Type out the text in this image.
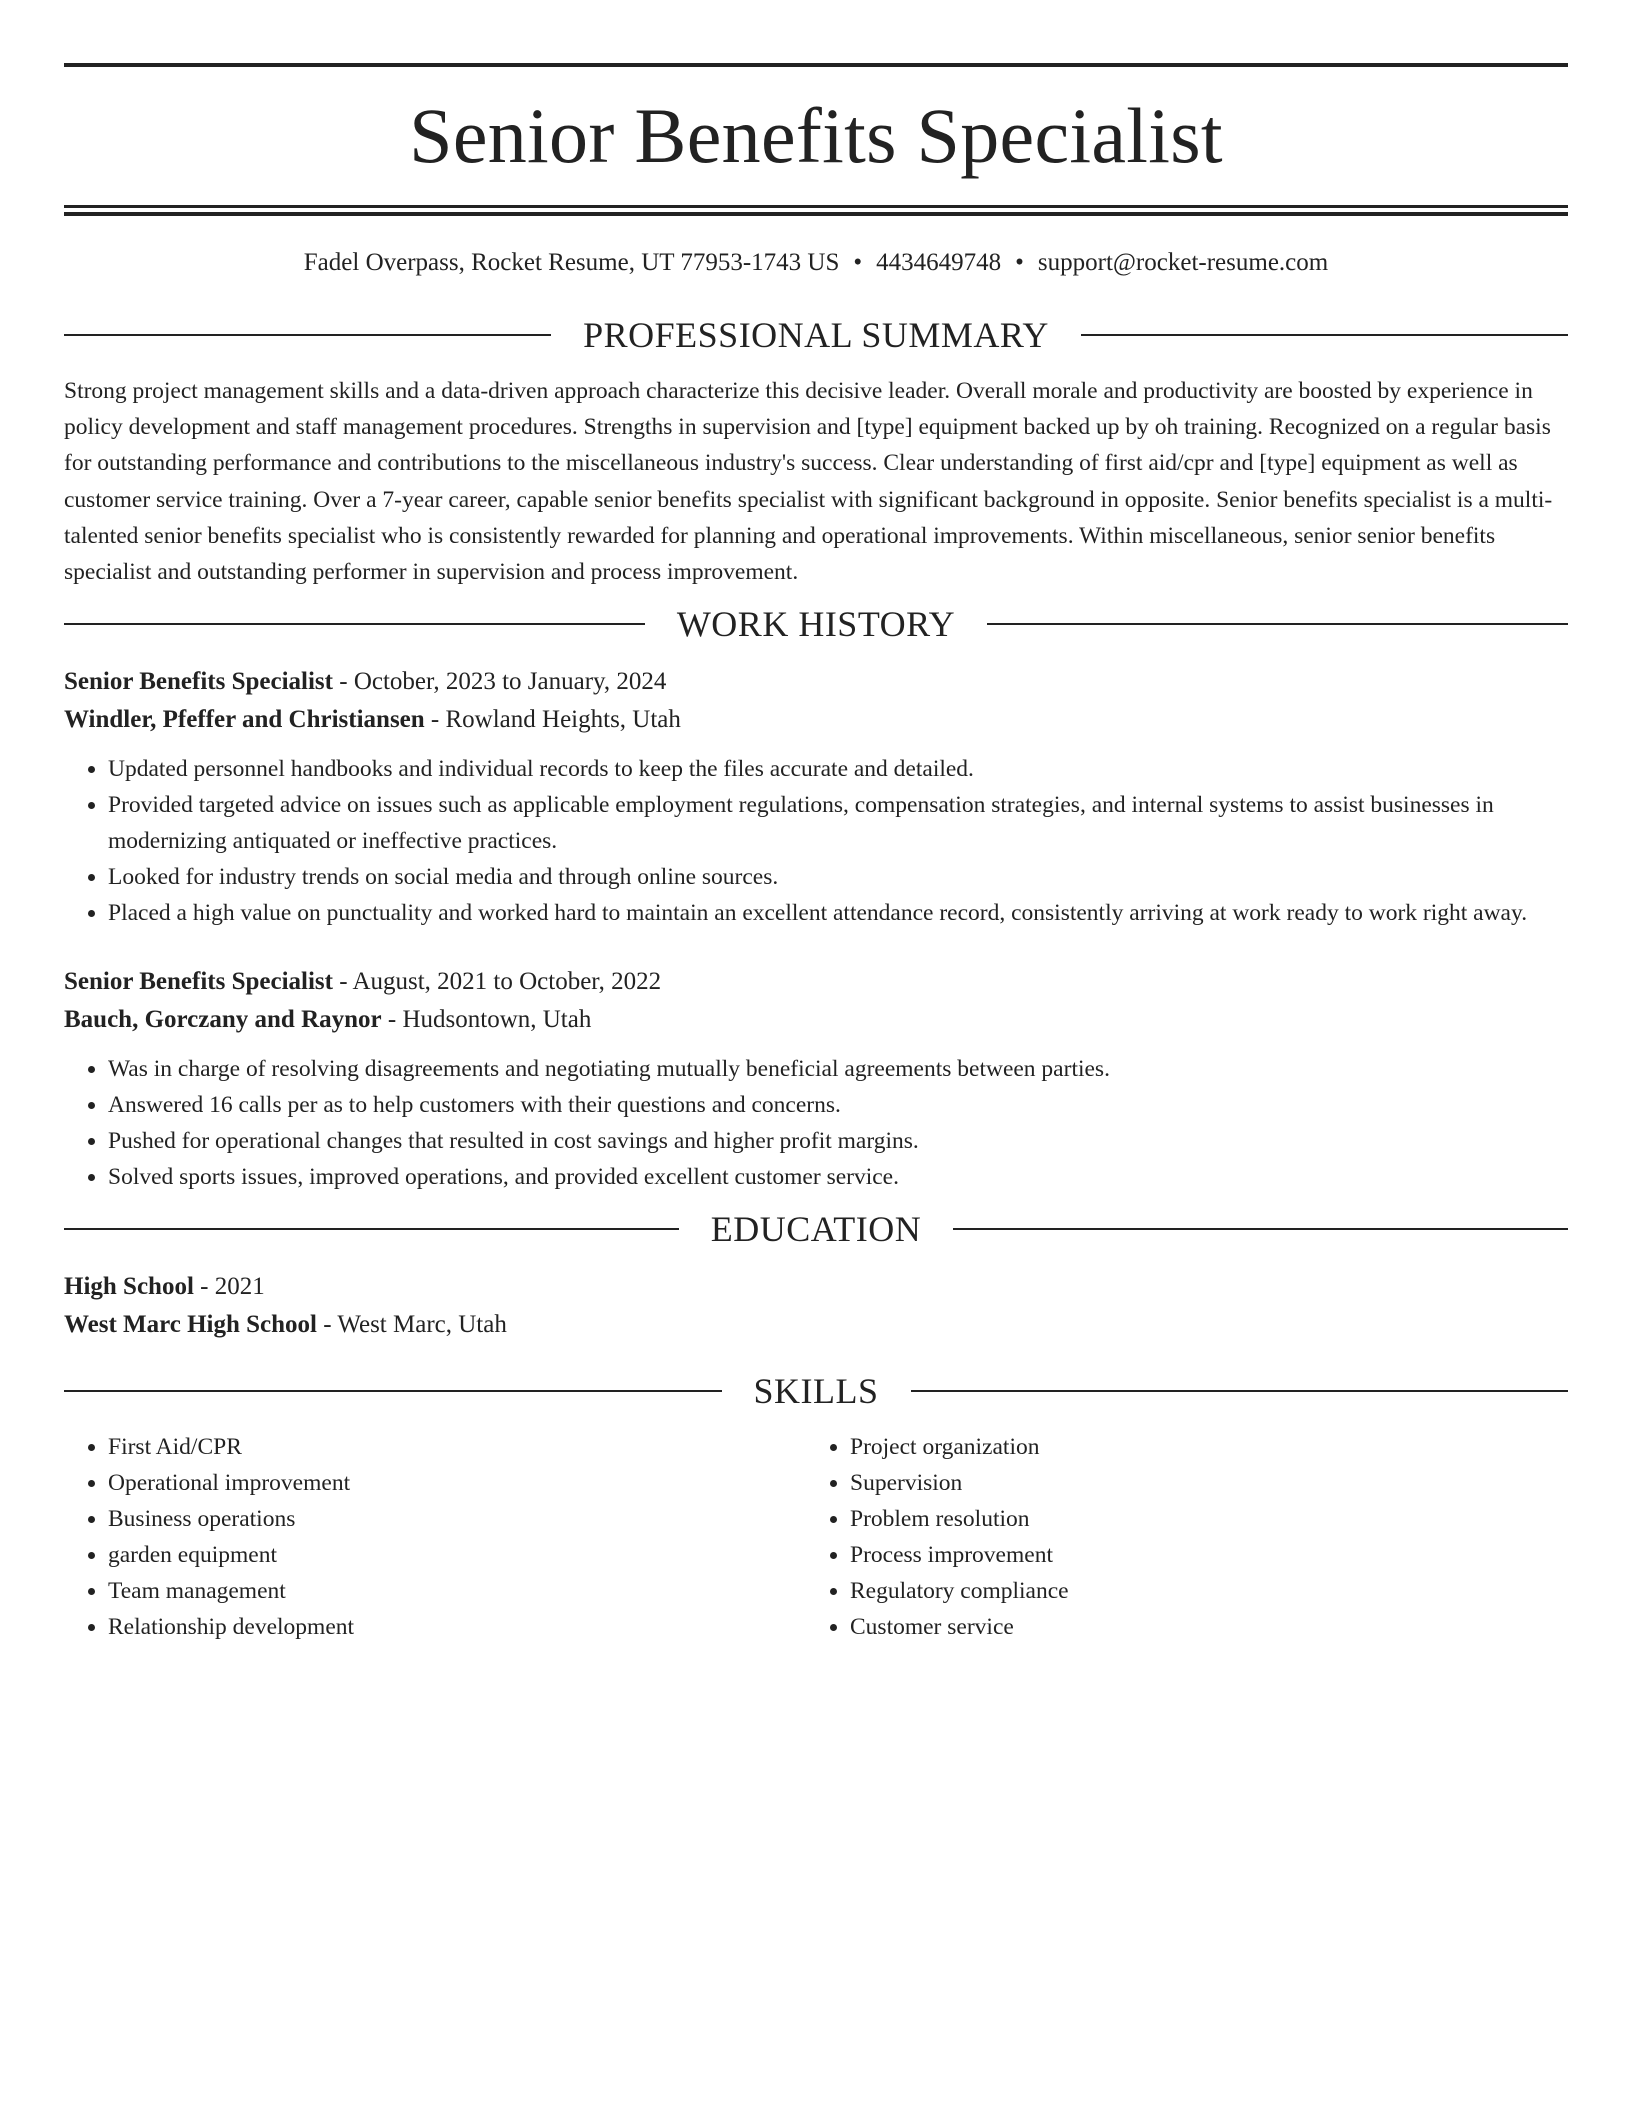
Senior Benefits Specialist
Fadel Overpass, Rocket Resume, UT 77953-1743 US • 4434649748 • support@rocket-resume.com
PROFESSIONAL SUMMARY

Strong project management skills and a data-driven approach characterize this decisive leader. Overall morale and productivity are boosted by experience in policy development and staff management procedures. Strengths in supervision and [type] equipment backed up by oh training. Recognized on a regular basis for outstanding performance and contributions to the miscellaneous industry's success. Clear understanding of first aid/cpr and [type] equipment as well as customer service training. Over a 7-year career, capable senior benefits specialist with significant background in opposite. Senior benefits specialist is a multi-talented senior benefits specialist who is consistently rewarded for planning and operational improvements. Within miscellaneous, senior senior benefits specialist and outstanding performer in supervision and process improvement.

WORK HISTORY
Senior Benefits Specialist - October, 2023 to January, 2024
Windler, Pfeffer and Christiansen - Rowland Heights, Utah
• Updated personnel handbooks and individual records to keep the files accurate and detailed.
• Provided targeted advice on issues such as applicable employment regulations, compensation strategies, and internal systems to assist businesses in modernizing antiquated or ineffective practices.
• Looked for industry trends on social media and through online sources.
• Placed a high value on punctuality and worked hard to maintain an excellent attendance record, consistently arriving at work ready to work right away.
Senior Benefits Specialist - August, 2021 to October, 2022
Bauch, Gorczany and Raynor - Hudsontown, Utah
• Was in charge of resolving disagreements and negotiating mutually beneficial agreements between parties.
• Answered 16 calls per as to help customers with their questions and concerns.
• Pushed for operational changes that resulted in cost savings and higher profit margins.
• Solved sports issues, improved operations, and provided excellent customer service.
EDUCATION
High School - 2021
West Marc High School - West Marc, Utah
SKILLS
• First Aid/CPR
• Operational improvement
• Business operations
• garden equipment
• Team management
• Relationship development
• Project organization
• Supervision
• Problem resolution
• Process improvement
• Regulatory compliance
• Customer service
